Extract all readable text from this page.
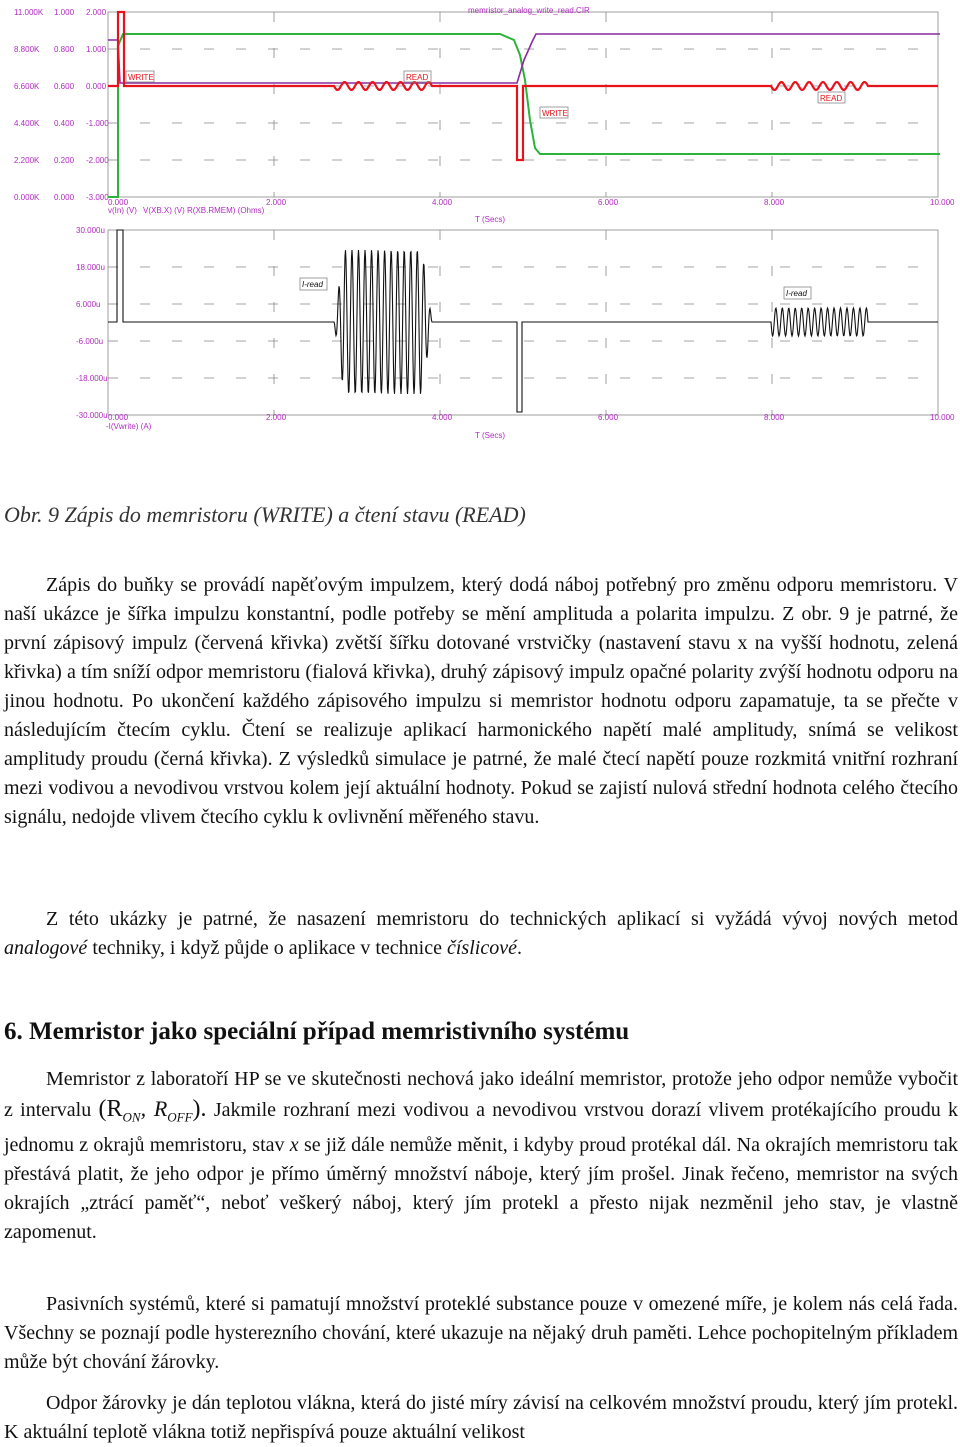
memristor_analog_write_read.CIR
11.000K 1.000 2.000
8.800K 0.800 1.000
6.600K 0.600 0.000
4.400K 0.400 -1.000
2.200K 0.200 -2.000
0.000K 0.000 -3.000
0.000	2.000	4.000	6.000	8.000	10.000
T (Secs)
v(In) (V) V(XB.X) (V) R(XB.RMEM) (Ohms)
WRITE	READ
READ
WRITE
30.000u
18.000u
6.000u
-6.000u
-18.000u
-30.000u 0.000	2.000	4.000	6.000	8.000	10.000
-I(Vwrite) (A)
T (Secs)
I-read
I-read
Obr. 9 Zápis do memristoru (WRITE) a čtení stavu (READ)

Zápis do buňky se provádí napěťovým impulzem, který dodá náboj potřebný pro změnu odporu memristoru. V naší ukázce je šířka impulzu konstantní, podle potřeby se mění amplituda a polarita impulzu. Z obr. 9 je patrné, že první zápisový impulz (červená křivka) zvětší šířku dotované vrstvičky (nastavení stavu x na vyšší hodnotu, zelená křivka) a tím sníží odpor memristoru (fialová křivka), druhý zápisový impulz opačné polarity zvýší hodnotu odporu na jinou hodnotu. Po ukončení každého zápisového impulzu si memristor hodnotu odporu zapamatuje, ta se přečte v následujícím čtecím cyklu. Čtení se realizuje aplikací harmonického napětí malé amplitudy, snímá se velikost amplitudy proudu (černá křivka). Z výsledků simulace je patrné, že malé čtecí napětí pouze rozkmitá vnitřní rozhraní mezi vodivou a nevodivou vrstvou kolem její aktuální hodnoty. Pokud se zajistí nulová střední hodnota celého čtecího signálu, nedojde vlivem čtecího cyklu k ovlivnění měřeného stavu.

Z této ukázky je patrné, že nasazení memristoru do technických aplikací si vyžádá vývoj nových metod analogové techniky, i když půjde o aplikace v technice číslicové.

6. Memristor jako speciální případ memristivního systému

Memristor z laboratoří HP se ve skutečnosti nechová jako ideální memristor, protože jeho odpor nemůže vybočit z intervalu ($R_{ON}$, $R_{OFF}$). Jakmile rozhraní mezi vodivou a nevodivou vrstvou dorazí vlivem protékajícího proudu k jednomu z okrajů memristoru, stav x se již dále nemůže měnit, i kdyby proud protékal dál. Na okrajích memristoru tak přestává platit, že jeho odpor je přímo úměrný množství náboje, který jím prošel. Jinak řečeno, memristor na svých okrajích „ztrácí paměť“, neboť veškerý náboj, který jím protekl a přesto nijak nezměnil jeho stav, je vlastně zapomenut.

Pasivních systémů, které si pamatují množství proteklé substance pouze v omezené míře, je kolem nás celá řada. Všechny se poznají podle hysterezního chování, které ukazuje na nějaký druh paměti. Lehce pochopitelným příkladem může být chování žárovky.

Odpor žárovky je dán teplotou vlákna, která do jisté míry závisí na celkovém množství proudu, který jím protekl. K aktuální teplotě vlákna totiž nepřispívá pouze aktuální velikost
